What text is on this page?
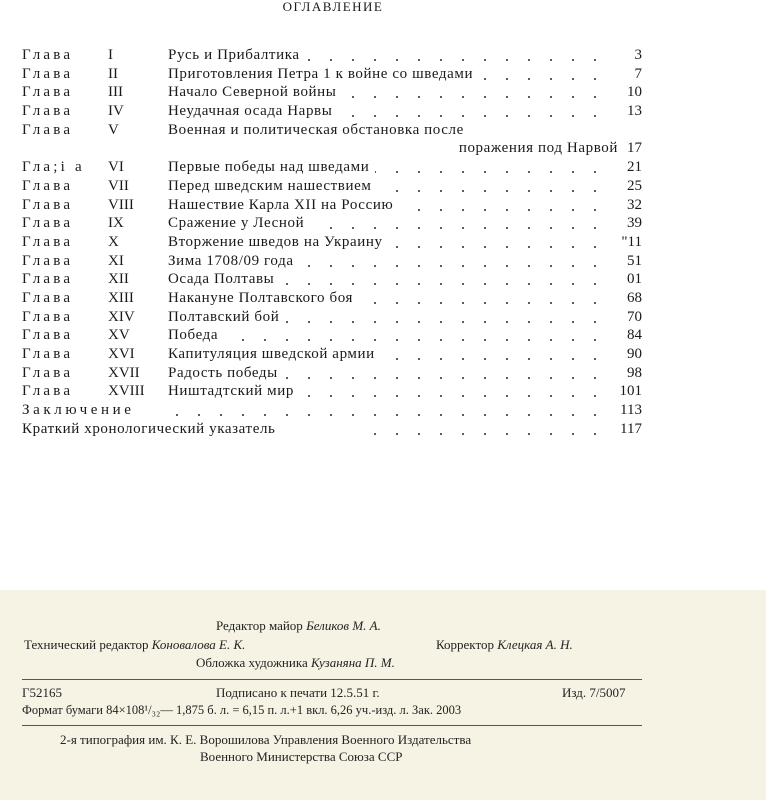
ОГЛАВЛЕНИЕ
Глава I	Русь и Прибалтика	3
Глава II	Приготовления Петра 1 к войне со шведами	7
Глава III	Начало Северной войны	10
Глава IV	Неудачная осада Нарвы	13
Глава V	Военная и политическая обстановка после
поражения под Нарвой 17
Гла;i а VI	Первые победы над шведами	21
Глава VII	Перед шведским нашествием	25
Глава VIII Нашествие Карла XII на Россию	32
Глава IX	Сражение у Лесной	39
Глава X	Вторжение шведов на Украину	"11
Глава XI	Зима 1708/09 года	51
Глава XII	Осада Полтавы	01
Глава XIII Накануне Полтавского боя	68
Глава XIV Полтавский бой	70
Глава XV	Победа	84
Глава XVI Капитуляция шведской армии	90
Глава XVII Радость победы	98
Глава XVIII Ништадтский мир	101
Заключение	113
Краткий хронологический указатель	117
Редактор майор Беликов М. А.
Технический редактор Коновалова Е. К.	Корректор Клецкая А. Н.
Обложка художника Кузаняна П. М.
Г52165	Подписано к печати 12.5.51 г.	Изд. 7/5007
Формат бумаги 84×108¹/₃₂— 1,875 б. л. = 6,15 п. л.+1 вкл. 6,26 уч.-изд. л. Зак. 2003
2-я типография им. К. Е. Ворошилова Управления Военного Издательства
Военного Министерства Союза ССР
